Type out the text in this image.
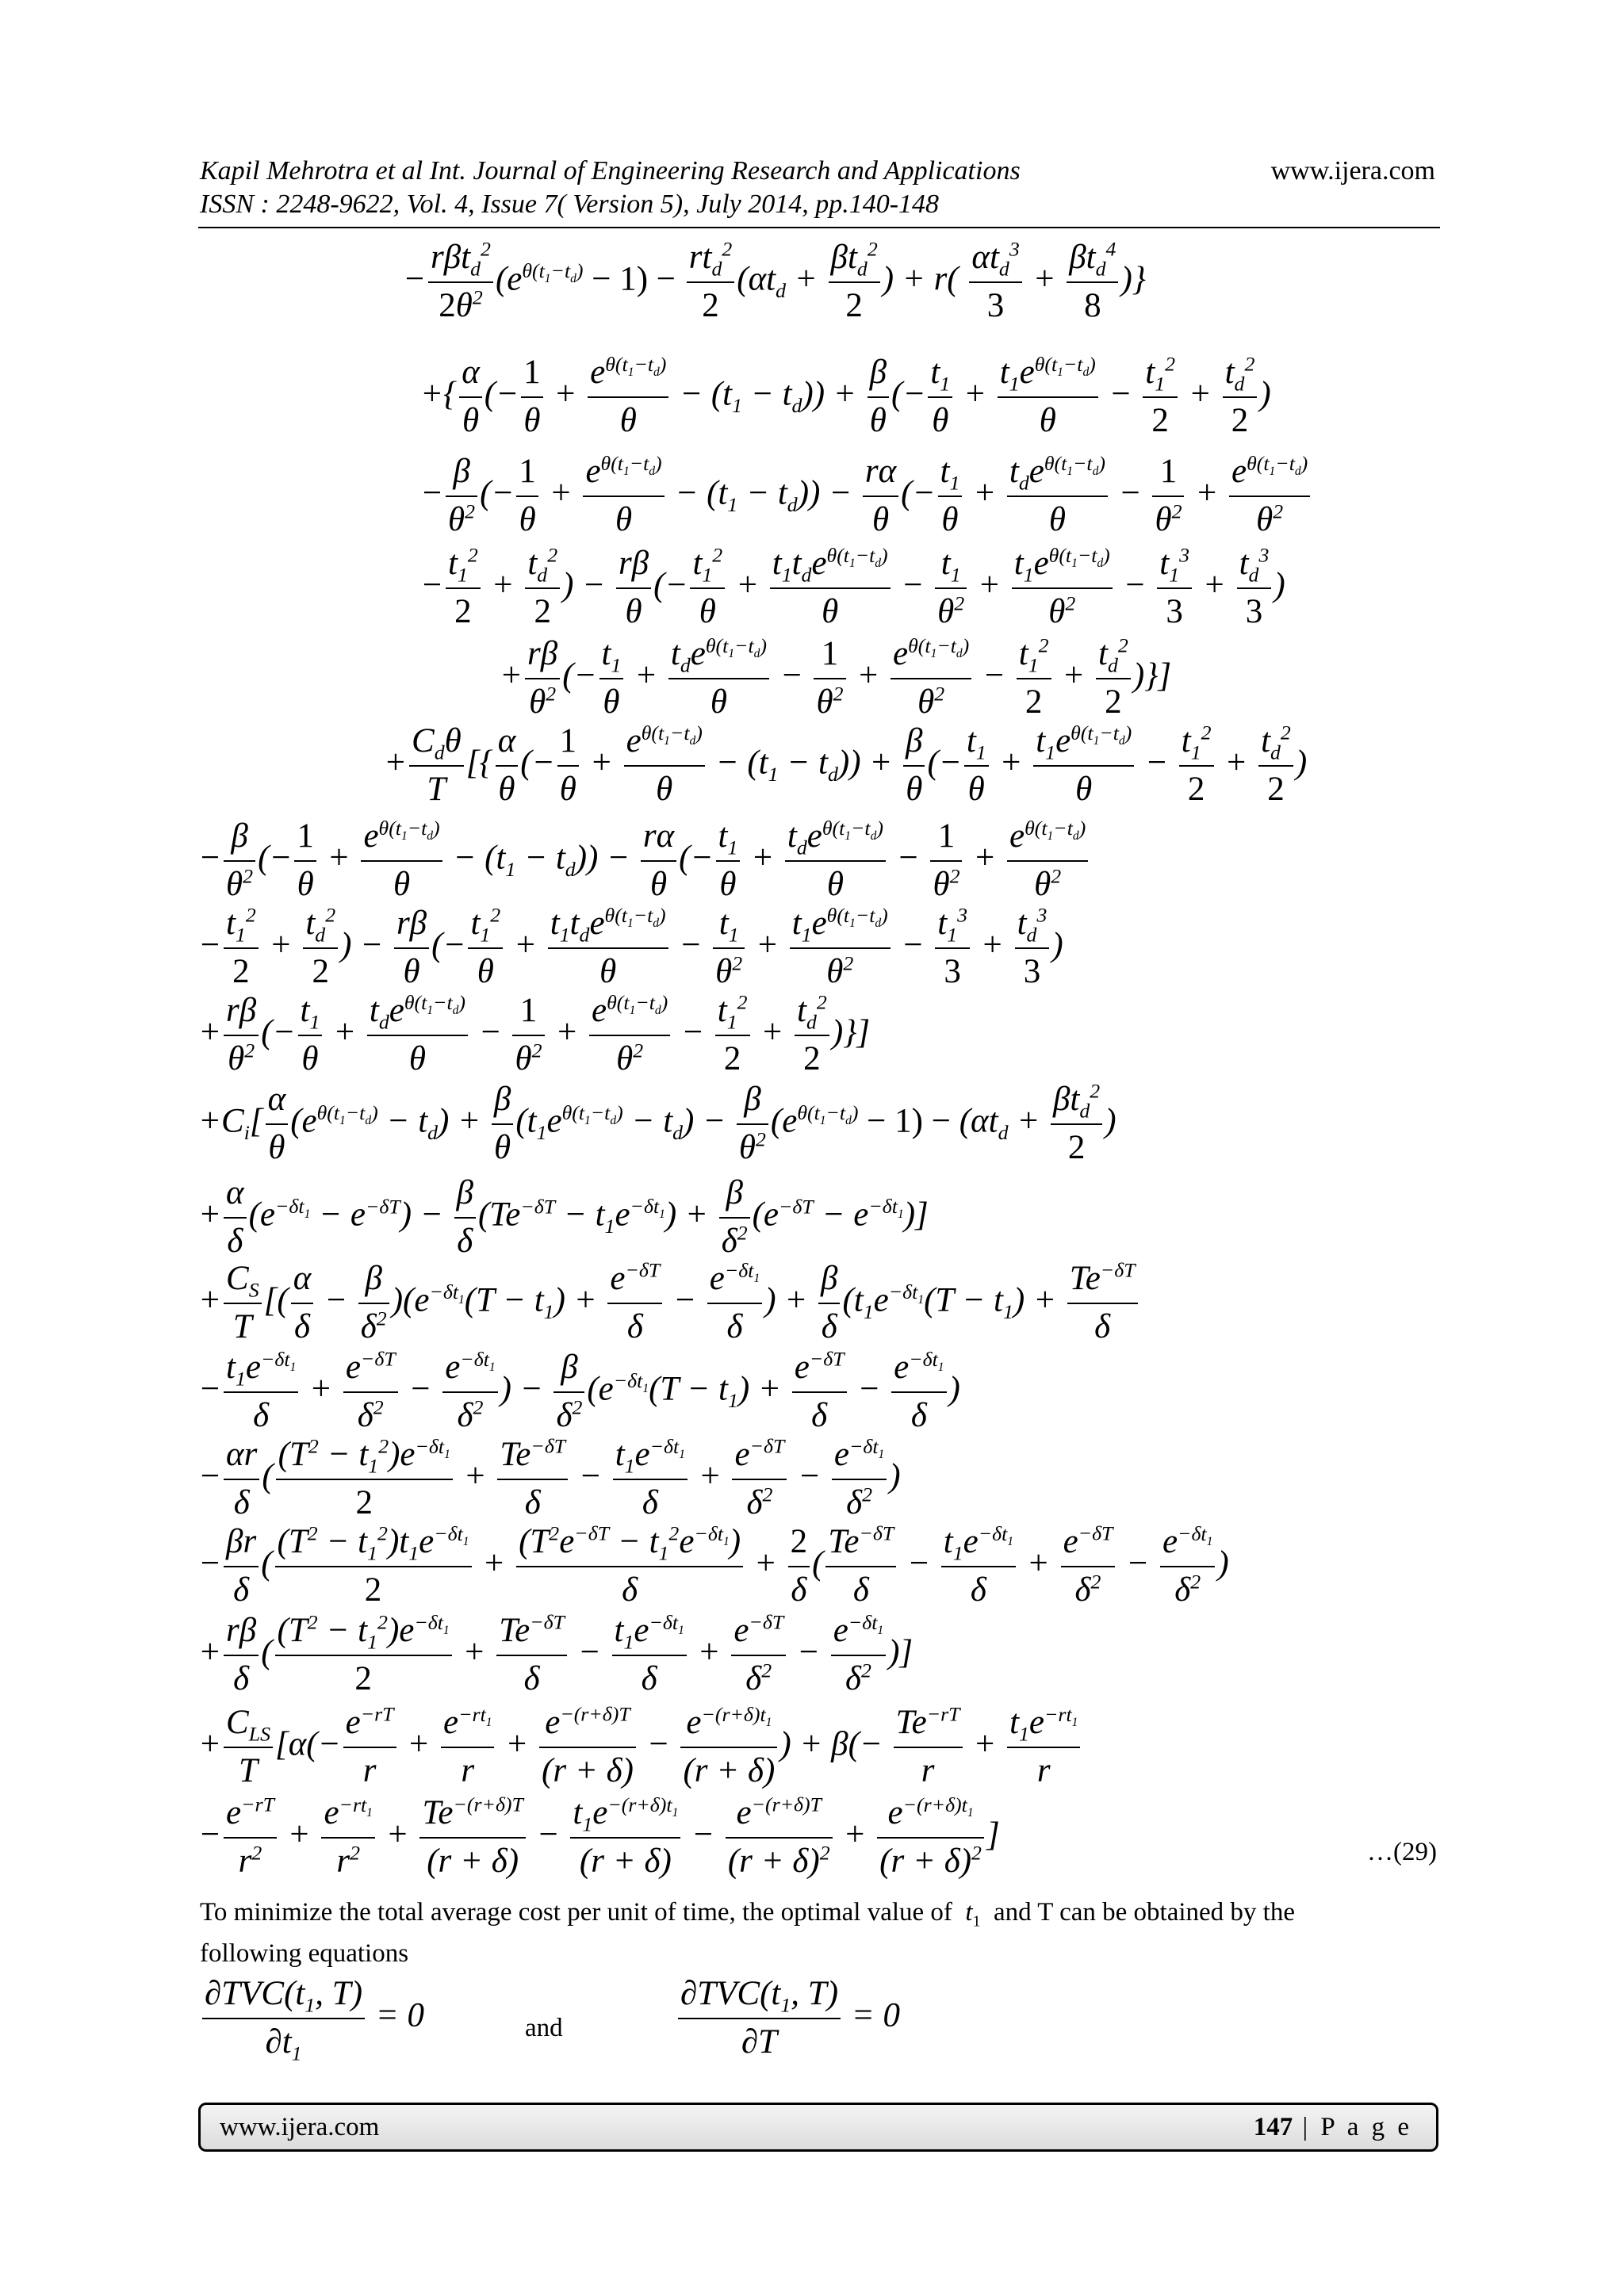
Kapil Mehrotra et al Int. Journal of Engineering Research and Applications
ISSN : 2248-9622, Vol. 4, Issue 7( Version 5), July 2014, pp.140-148
www.ijera.com
−
rβt$_d^2$
$2\theta^2$ $(e^{\theta(t_1-t_d)} - 1)$ −
$rt_d^2$
2
($\alpha t_d$ +
$\beta t_d^2$
2
) + r(
$\alpha t_d^3$
3
+
$\beta t_d^4$
8
)}
+{ $\frac{\alpha}{\theta}$ (− $\frac{1}{\theta} + \frac{e^{\theta(t_1-t_d)}}{\theta} - (t_1 - t_d)) + \frac{\beta}{\theta}$ (− $\frac{t_1}{\theta} + \frac{t_1e^{\theta(t_1-t_d)}}{\theta} - \frac{t_1^2}{2} + \frac{t_d^2}{2}$ )
− $\frac{\beta}{\theta^2}$ (− $\frac{1}{\theta} + \frac{e^{\theta(t_1-t_d)}}{\theta} - (t_1 - t_d)) - \frac{r\alpha}{\theta}$ (− $\frac{t_1}{\theta}$ +
$t_de^{\theta(t_1-t_d)}$
θ
− $\frac{1}{\theta^2} + \frac{e^{\theta(t_1-t_d)}}{\theta^2}$
− $\frac{t_1^2}{2} + \frac{t_d^2}{2}$ ) − $\frac{r\beta}{\theta}$ (− $\frac{t_1^2}{\theta}$ +
$t_1t_de^{\theta(t_1-t_d)}$
θ
− $\frac{t_1}{\theta^2} + \frac{t_1e^{\theta(t_1-t_d)}}{\theta^2} - \frac{t_1^3}{3} + \frac{t_d^3}{3}$ )
+ $\frac{r\beta}{\theta^2}$ (− $\frac{t_1}{\theta}$ +
$t_de^{\theta(t_1-t_d)}$
θ
− $\frac{1}{\theta^2} + \frac{e^{\theta(t_1-t_d)}}{\theta^2} - \frac{t_1^2}{2} + \frac{t_d^2}{2}$ )}]
+
$C_d\theta$
T
[{ $\frac{\alpha}{\theta}$ (− $\frac{1}{\theta} + \frac{e^{\theta(t_1-t_d)}}{\theta} - (t_1 - t_d)) + \frac{\beta}{\theta}$ (− $\frac{t_1}{\theta} + \frac{t_1e^{\theta(t_1-t_d)}}{\theta} - \frac{t_1^2}{2} + \frac{t_d^2}{2}$ )
− $\frac{\beta}{\theta^2}$ (− $\frac{1}{\theta} + \frac{e^{\theta(t_1-t_d)}}{\theta} - (t_1 - t_d)) - \frac{r\alpha}{\theta}$ (− $\frac{t_1}{\theta}$ +
$t_de^{\theta(t_1-t_d)}$
θ
− $\frac{1}{\theta^2} + \frac{e^{\theta(t_1-t_d)}}{\theta^2}$
− $\frac{t_1^2}{2} + \frac{t_d^2}{2}$ ) − $\frac{r\beta}{\theta}$ (− $\frac{t_1^2}{\theta}$ +
$t_1t_de^{\theta(t_1-t_d)}$
θ
− $\frac{t_1}{\theta^2} + \frac{t_1e^{\theta(t_1-t_d)}}{\theta^2} - \frac{t_1^3}{3} + \frac{t_d^3}{3}$ )
+ $\frac{r\beta}{\theta^2}$ (− $\frac{t_1}{\theta}$ +
$t_de^{\theta(t_1-t_d)}$
θ
− $\frac{1}{\theta^2} + \frac{e^{\theta(t_1-t_d)}}{\theta^2} - \frac{t_1^2}{2} + \frac{t_d^2}{2}$ )}]
$+C_i[ \frac{\alpha}{\theta} (e^{\theta(t_1-t_d)} - t_d) + \frac{\beta}{\theta} (t_1e^{\theta(t_1-t_d)} - t_d) - \frac{\beta}{\theta^2} (e^{\theta(t_1-t_d)} - 1) - (\alpha t_d$ +
$\beta t_d^2$
2
)
+ $\frac{\alpha}{\delta} (e^{-\delta t_1} - e^{-\delta T}) - \frac{\beta}{\delta} (Te^{-\delta T} - t_1e^{-\delta t_1}) + \frac{\beta}{\delta^2} (e^{-\delta T} - e^{-\delta t_1})$]
+ $\frac{C_S}{T}$ [( $\frac{\alpha}{\delta} - \frac{\beta}{\delta^2} )(e^{-\delta t_1}(T - t_1) + \frac{e^{-\delta T}}{\delta} - \frac{e^{-\delta t_1}}{\delta}$ ) + $\frac{\beta}{\delta} (t_1e^{-\delta t_1}(T - t_1) + \frac{Te^{-\delta T}}{\delta}$
− $\frac{t_1e^{-\delta t_1}}{\delta} + \frac{e^{-\delta T}}{\delta^2} - \frac{e^{-\delta t_1}}{\delta^2}$ ) − $\frac{\beta}{\delta^2} (e^{-\delta t_1}(T - t_1) + \frac{e^{-\delta T}}{\delta} - \frac{e^{-\delta t_1}}{\delta}$ )
− $\frac{\alpha r}{\delta}$ ( $\frac{(T^2 - t_1^2)e^{-\delta t_1}}{2} + \frac{Te^{-\delta T}}{\delta} - \frac{t_1e^{-\delta t_1}}{\delta} + \frac{e^{-\delta T}}{\delta^2} - \frac{e^{-\delta t_1}}{\delta^2}$ )
− $\frac{\beta r}{\delta}$ ( $\frac{(T^2 - t_1^2)t_1e^{-\delta t_1}}{2} + \frac{(T^2e^{-\delta T} - t_1^2e^{-\delta t_1})}{\delta} + \frac{2}{\delta}$ ( $\frac{Te^{-\delta T}}{\delta} - \frac{t_1e^{-\delta t_1}}{\delta} + \frac{e^{-\delta T}}{\delta^2} - \frac{e^{-\delta t_1}}{\delta^2}$ )
+ $\frac{r\beta}{\delta}$ ( $\frac{(T^2 - t_1^2)e^{-\delta t_1}}{2} + \frac{Te^{-\delta T}}{\delta} - \frac{t_1e^{-\delta t_1}}{\delta} + \frac{e^{-\delta T}}{\delta^2} - \frac{e^{-\delta t_1}}{\delta^2}$ )]
+
$C_{LS}$
T
[$\alpha(- \frac{e^{-rT}}{r} + \frac{e^{-rt_1}}{r} + \frac{e^{-(r+\delta)T}}{(r + \delta)} - \frac{e^{-(r+\delta)t_1}}{(r + \delta)}$ ) + $\beta(- \frac{Te^{-rT}}{r} + \frac{t_1e^{-rt_1}}{r}$
− $\frac{e^{-rT}}{r^2} + \frac{e^{-rt_1}}{r^2} + \frac{Te^{-(r+\delta)T}}{(r + \delta)} - \frac{t_1e^{-(r+\delta)t_1}}{(r + \delta)} - \frac{e^{-(r+\delta)T}}{(r + \delta)^2} + \frac{e^{-(r+\delta)t_1}}{(r + \delta)^2}$ ]	…(29)
To minimize the total average cost per unit of time, the optimal value of $t_1$ and T can be obtained by the
following equations
$\partial TVC(t_1$, T)
$\partial t_1$
= 0	and
$\partial TVC(t_1$, T)
∂T
= 0
www.ijera.com	147 | P a g e
